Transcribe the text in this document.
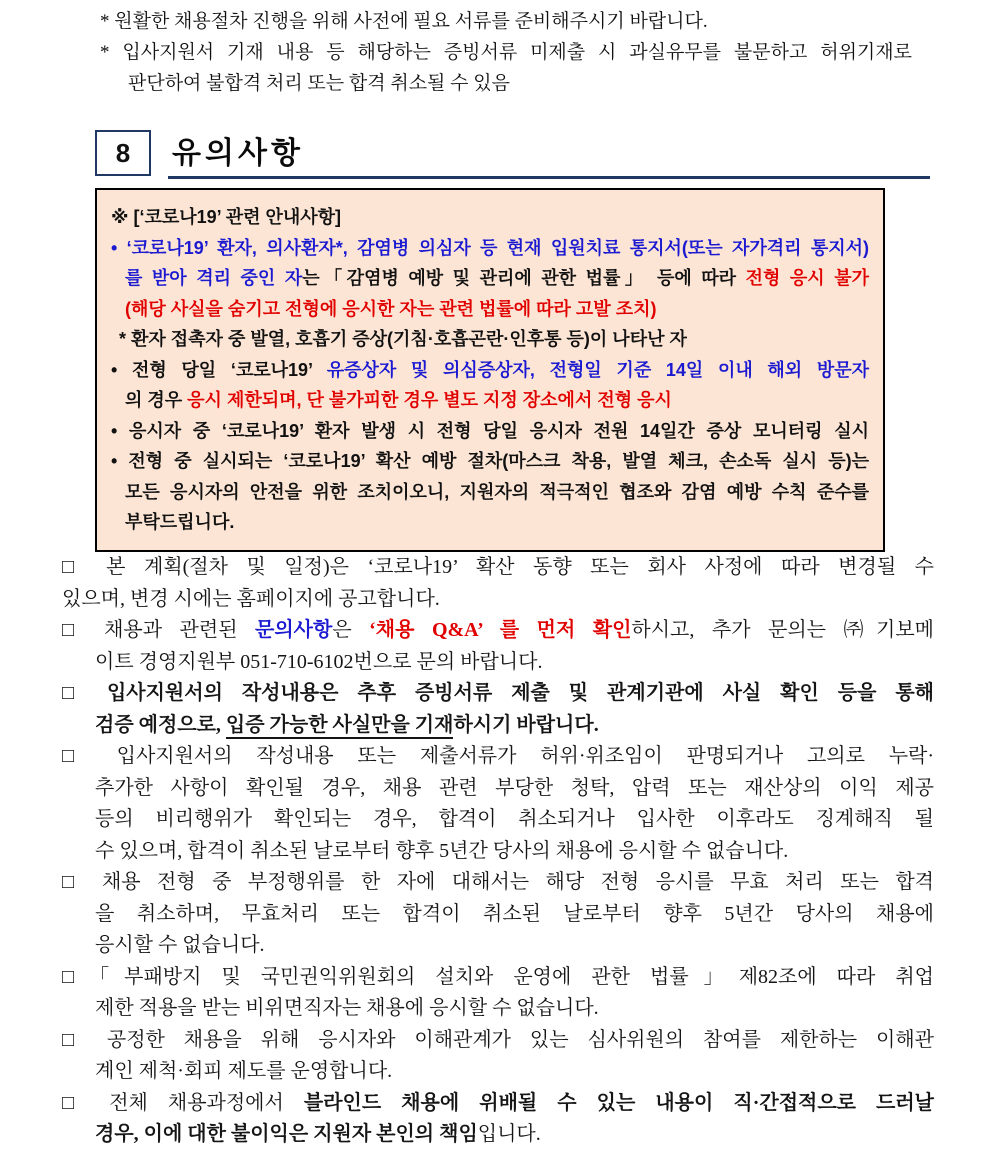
* 원활한 채용절차 진행을 위해 사전에 필요 서류를 준비해주시기 바랍니다.
* 입사지원서 기재 내용 등 해당하는 증빙서류 미제출 시 과실유무를 불문하고 허위기재로
판단하여 불합격 처리 또는 합격 취소될 수 있음
8 유의사항
※ [‘코로나19’ 관련 안내사항]
• ‘코로나19’ 환자, 의사환자*, 감염병 의심자 등 현재 입원치료 통지서(또는 자가격리 통지서)
를 받아 격리 중인 자는「감염병 예방 및 관리에 관한 법률」 등에 따라 전형 응시 불가
(해당 사실을 숨기고 전형에 응시한 자는 관련 법률에 따라 고발 조치)
* 환자 접촉자 중 발열, 호흡기 증상(기침·호흡곤란·인후통 등)이 나타난 자
• 전형 당일 ‘코로나19’ 유증상자 및 의심증상자, 전형일 기준 14일 이내 해외 방문자
의 경우 응시 제한되며, 단 불가피한 경우 별도 지정 장소에서 전형 응시
• 응시자 중 ‘코로나19’ 환자 발생 시 전형 당일 응시자 전원 14일간 증상 모니터링 실시
• 전형 중 실시되는 ‘코로나19’ 확산 예방 절차(마스크 착용, 발열 체크, 손소독 실시 등)는
모든 응시자의 안전을 위한 조치이오니, 지원자의 적극적인 협조와 감염 예방 수칙 준수를
부탁드립니다.
□ 본 계획(절차 및 일정)은 ‘코로나19’ 확산 동향 또는 회사 사정에 따라 변경될 수
있으며, 변경 시에는 홈페이지에 공고합니다.
□ 채용과 관련된 문의사항은 ‘채용 Q&A’ 를 먼저 확인하시고, 추가 문의는 ㈜기보메
이트 경영지원부 051-710-6102번으로 문의 바랍니다.
□ 입사지원서의 작성내용은 추후 증빙서류 제출 및 관계기관에 사실 확인 등을 통해
검증 예정으로, 입증 가능한 사실만을 기재하시기 바랍니다.
□ 입사지원서의 작성내용 또는 제출서류가 허위·위조임이 판명되거나 고의로 누락·
추가한 사항이 확인될 경우, 채용 관련 부당한 청탁, 압력 또는 재산상의 이익 제공
등의 비리행위가 확인되는 경우, 합격이 취소되거나 입사한 이후라도 징계해직 될
수 있으며, 합격이 취소된 날로부터 향후 5년간 당사의 채용에 응시할 수 없습니다.
□ 채용 전형 중 부정행위를 한 자에 대해서는 해당 전형 응시를 무효 처리 또는 합격
을 취소하며, 무효처리 또는 합격이 취소된 날로부터 향후 5년간 당사의 채용에
응시할 수 없습니다.
□「부패방지 및 국민권익위원회의 설치와 운영에 관한 법률」제82조에 따라 취업
제한 적용을 받는 비위면직자는 채용에 응시할 수 없습니다.
□ 공정한 채용을 위해 응시자와 이해관계가 있는 심사위원의 참여를 제한하는 이해관
계인 제척·회피 제도를 운영합니다.
□ 전체 채용과정에서 블라인드 채용에 위배될 수 있는 내용이 직·간접적으로 드러날
경우, 이에 대한 불이익은 지원자 본인의 책임입니다.
